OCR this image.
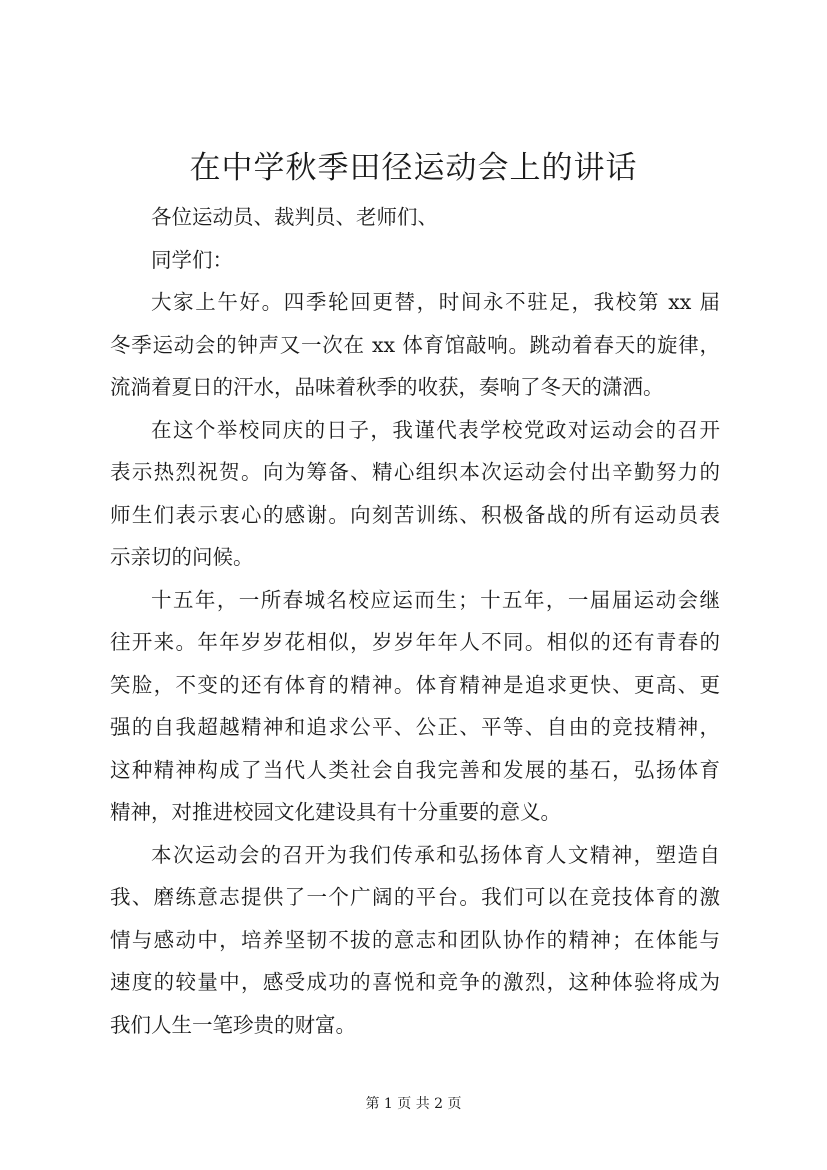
在中学秋季田径运动会上的讲话
各位运动员、裁判员、老师们、
同学们：
大家上午好。四季轮回更替，时间永不驻足，我校第 xx 届
冬季运动会的钟声又一次在 xx 体育馆敲响。跳动着春天的旋律，
流淌着夏日的汗水，品味着秋季的收获，奏响了冬天的潇洒。
在这个举校同庆的日子，我谨代表学校党政对运动会的召开
表示热烈祝贺。向为筹备、精心组织本次运动会付出辛勤努力的
师生们表示衷心的感谢。向刻苦训练、积极备战的所有运动员表
示亲切的问候。
十五年，一所春城名校应运而生；十五年，一届届运动会继
往开来。年年岁岁花相似，岁岁年年人不同。相似的还有青春的
笑脸，不变的还有体育的精神。体育精神是追求更快、更高、更
强的自我超越精神和追求公平、公正、平等、自由的竞技精神，
这种精神构成了当代人类社会自我完善和发展的基石，弘扬体育
精神，对推进校园文化建设具有十分重要的意义。
本次运动会的召开为我们传承和弘扬体育人文精神，塑造自
我、磨练意志提供了一个广阔的平台。我们可以在竞技体育的激
情与感动中，培养坚韧不拔的意志和团队协作的精神；在体能与
速度的较量中，感受成功的喜悦和竞争的激烈，这种体验将成为
我们人生一笔珍贵的财富。
第 1 页 共 2 页
